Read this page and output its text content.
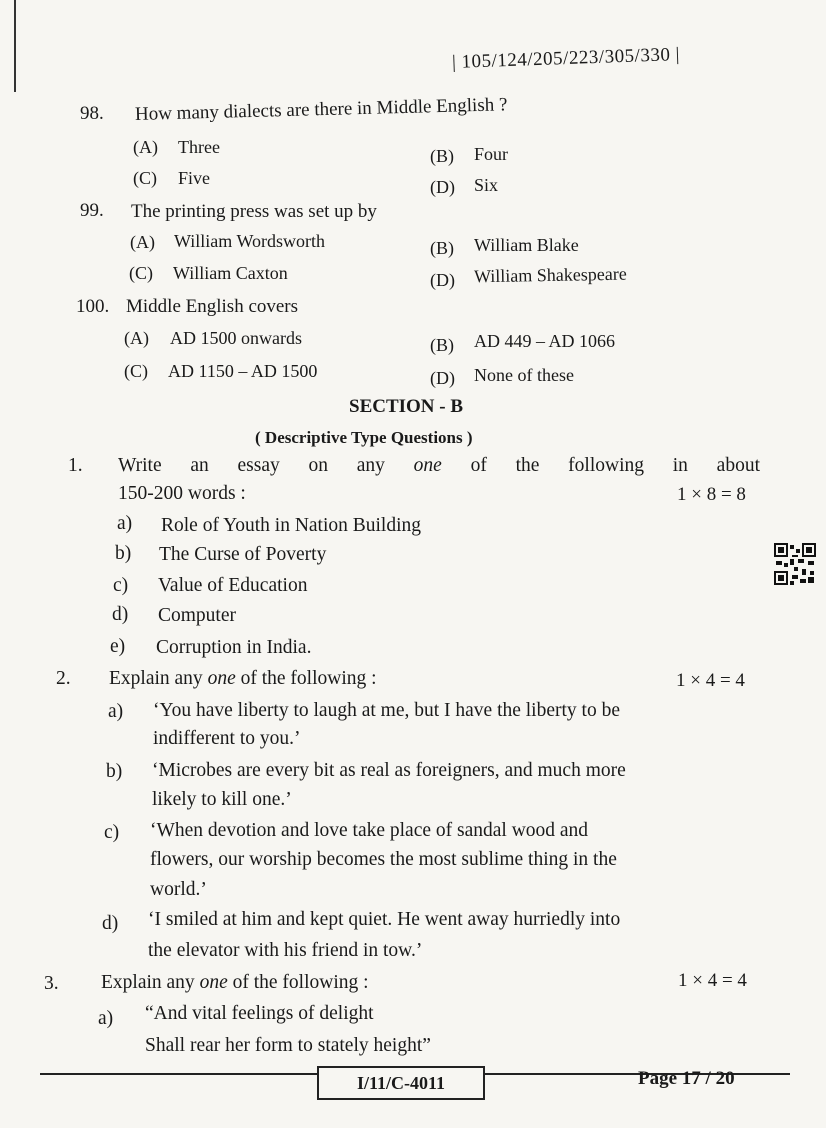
| 105/124/205/223/305/330 |
98. How many dialects are there in Middle English ?
(A) Three	(B) Four
(C) Five	(D) Six
99. The printing press was set up by
(A) William Wordsworth	(B) William Blake
(C) William Caxton	(D) William Shakespeare
100. Middle English covers
(A) AD 1500 onwards	(B) AD 449 – AD 1066
(C) AD 1150 – AD 1500	(D) None of these
SECTION - B
( Descriptive Type Questions )
1. Write an essay on any one of the following in about
150-200 words :	1 × 8 = 8
a) Role of Youth in Nation Building
b) The Curse of Poverty
c) Value of Education
d) Computer
e) Corruption in India.
2. Explain any one of the following :	1 × 4 = 4
a) ‘You have liberty to laugh at me, but I have the liberty to be
indifferent to you.’
b) ‘Microbes are every bit as real as foreigners, and much more
likely to kill one.’
c) ‘When devotion and love take place of sandal wood and
flowers, our worship becomes the most sublime thing in the
world.’
d) ‘I smiled at him and kept quiet. He went away hurriedly into
the elevator with his friend in tow.’
3. Explain any one of the following :	1 × 4 = 4
a) “And vital feelings of delight
Shall rear her form to stately height”
I/11/C-4011	Page 17 / 20
